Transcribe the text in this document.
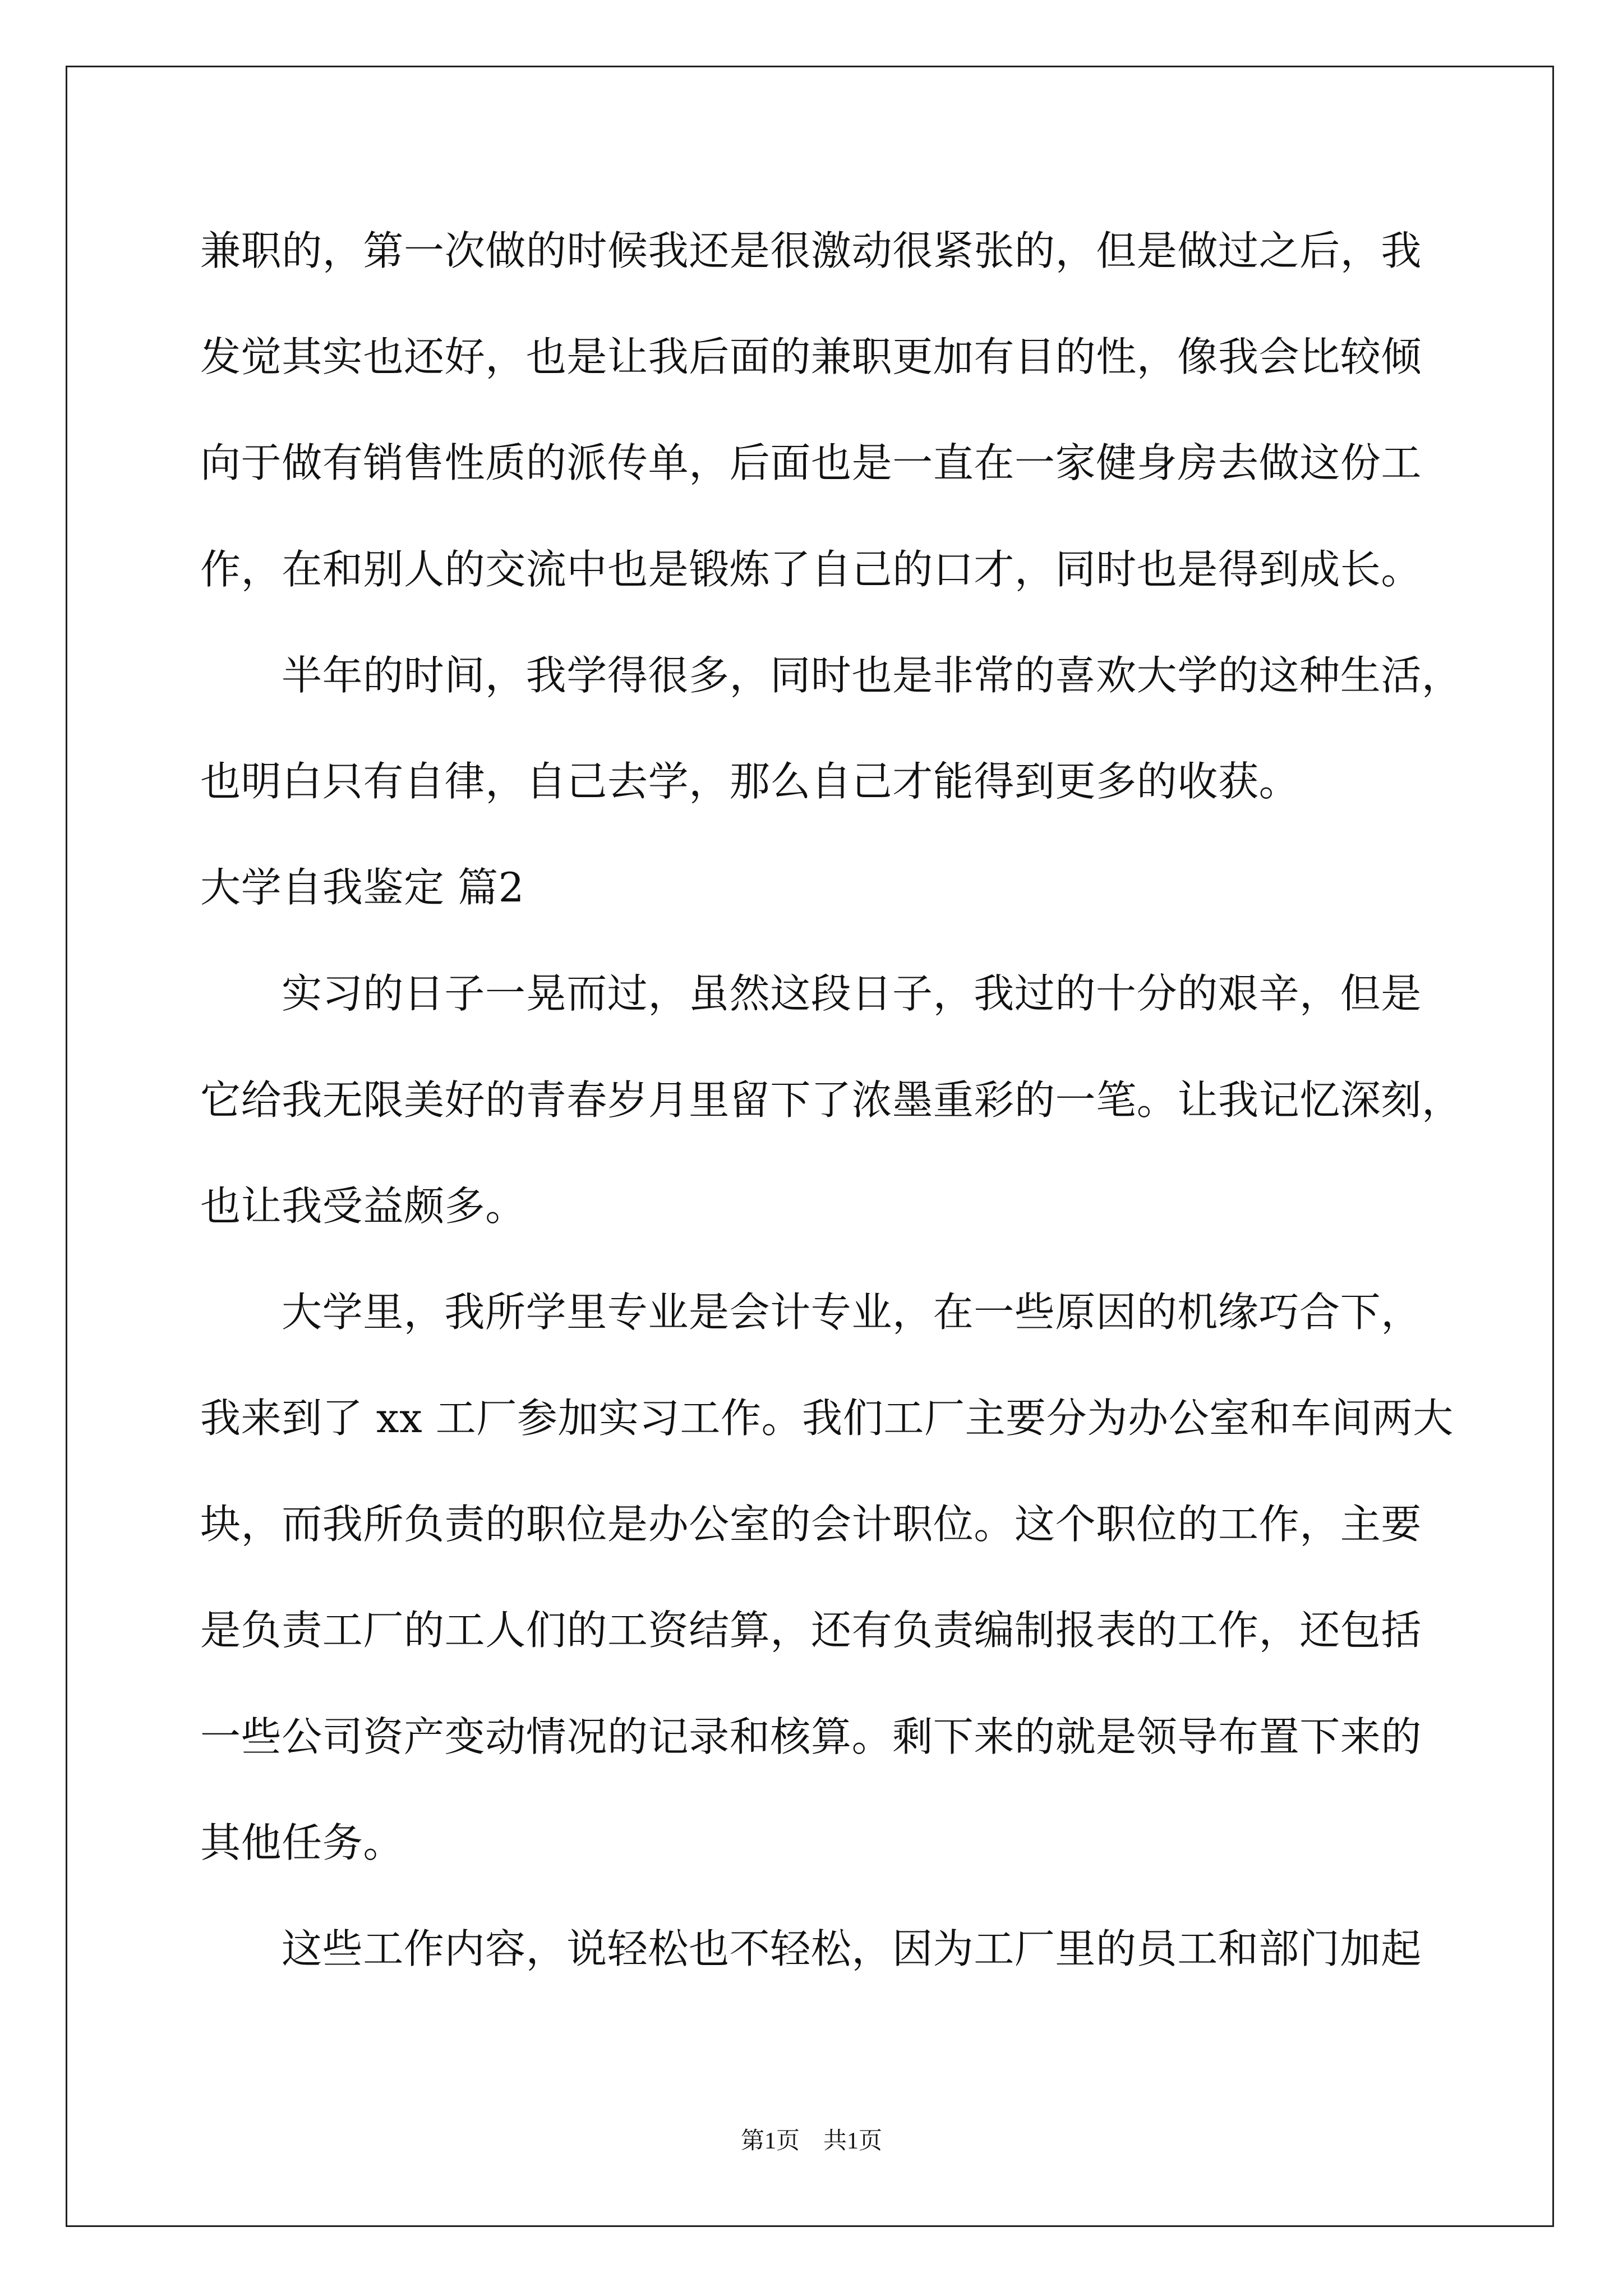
兼职的，第一次做的时候我还是很激动很紧张的，但是做过之后，我
发觉其实也还好，也是让我后面的兼职更加有目的性，像我会比较倾
向于做有销售性质的派传单，后面也是一直在一家健身房去做这份工
作，在和别人的交流中也是锻炼了自己的口才，同时也是得到成长。
半年的时间，我学得很多，同时也是非常的喜欢大学的这种生活，
也明白只有自律，自己去学，那么自己才能得到更多的收获。
大学自我鉴定 篇2
实习的日子一晃而过，虽然这段日子，我过的十分的艰辛，但是
它给我无限美好的青春岁月里留下了浓墨重彩的一笔。让我记忆深刻，
也让我受益颇多。
大学里，我所学里专业是会计专业，在一些原因的机缘巧合下，
我来到了 xx 工厂参加实习工作。我们工厂主要分为办公室和车间两大
块，而我所负责的职位是办公室的会计职位。这个职位的工作，主要
是负责工厂的工人们的工资结算，还有负责编制报表的工作，还包括
一些公司资产变动情况的记录和核算。剩下来的就是领导布置下来的
其他任务。
这些工作内容，说轻松也不轻松，因为工厂里的员工和部门加起
第1页　共1页
